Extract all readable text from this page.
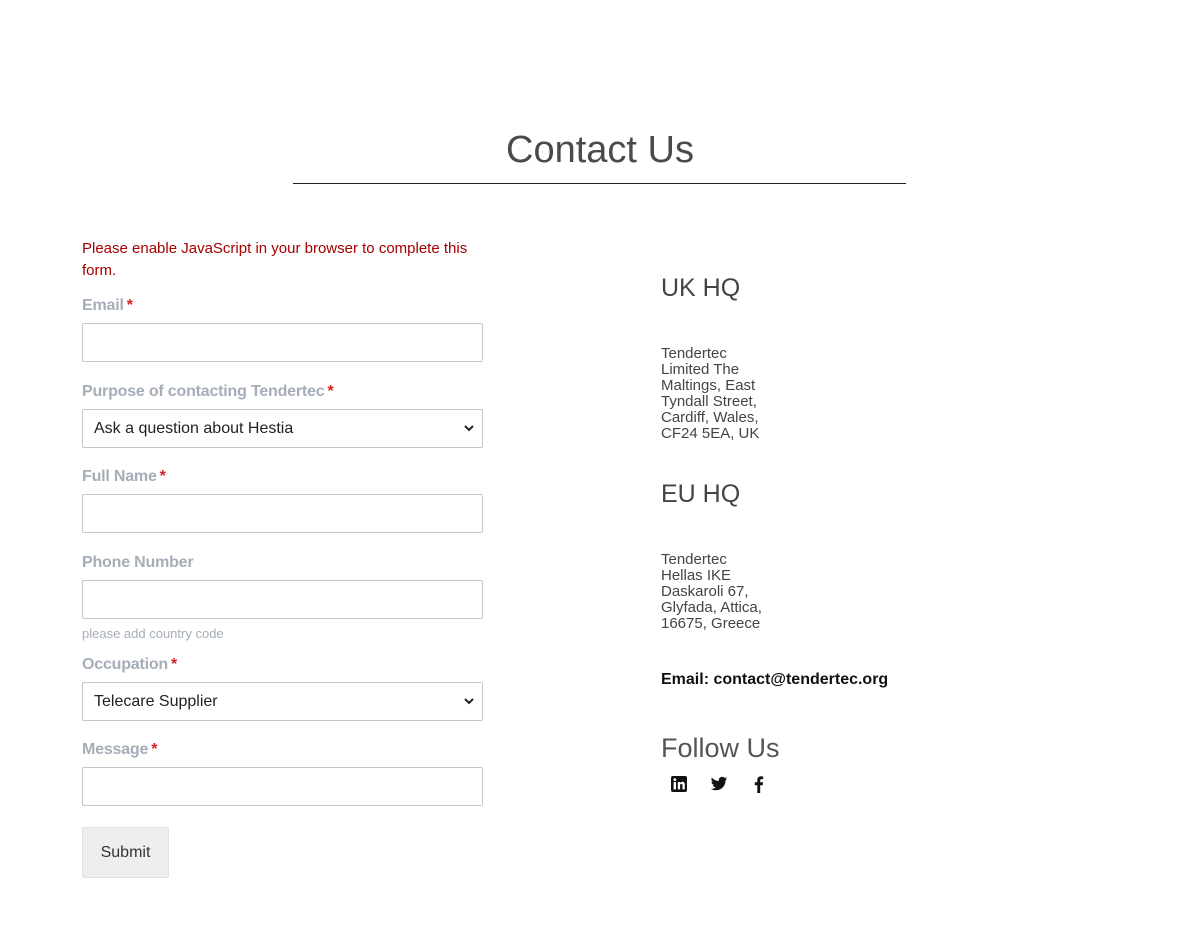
Contact Us

Please enable JavaScript in your browser to complete this form.

Email *

Purpose of contacting Tendertec *

Ask a question about Hestia

Full Name *

Phone Number

please add country code

Occupation *

Telecare Supplier

Message *

Submit
UK HQ
Tendertec
Limited The
Maltings, East
Tyndall Street,
Cardiff, Wales,
CF24 5EA, UK
EU HQ
Tendertec
Hellas IKE
Daskaroli 67,
Glyfada, Attica,
16675, Greece

Email: contact@tendertec.org

Follow Us
